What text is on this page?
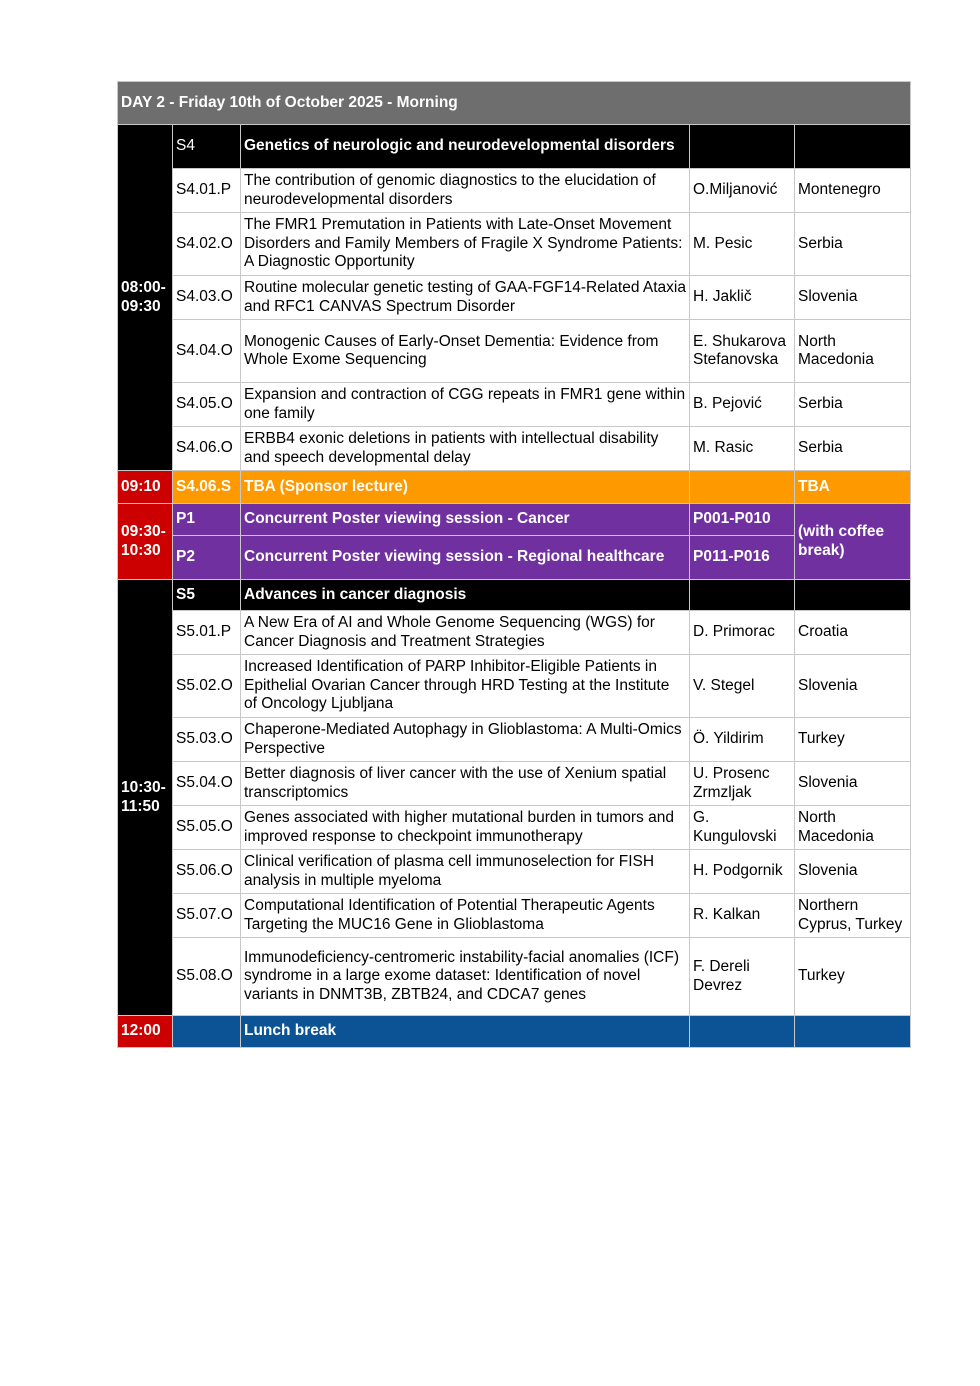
DAY 2 - Friday 10th of October 2025 - Morning				
08:00-09:30	S4	Genetics of neurologic and neurodevelopmental disorders		
	S4.01.P	The contribution of genomic diagnostics to the elucidation of neurodevelopmental disorders	O.Miljanović	Montenegro
	S4.02.O	The FMR1 Premutation in Patients with Late-Onset Movement Disorders and Family Members of Fragile X Syndrome Patients: A Diagnostic Opportunity	M. Pesic	Serbia
	S4.03.O	Routine molecular genetic testing of GAA-FGF14-Related Ataxia and RFC1 CANVAS Spectrum Disorder	H. Jaklič	Slovenia
	S4.04.O	Monogenic Causes of Early-Onset Dementia: Evidence from Whole Exome Sequencing	E. Shukarova Stefanovska	North Macedonia
	S4.05.O	Expansion and contraction of CGG repeats in FMR1 gene within one family	B. Pejović	Serbia
	S4.06.O	ERBB4 exonic deletions in patients with intellectual disability and speech developmental delay	M. Rasic	Serbia
09:10	S4.06.S	TBA (Sponsor lecture)		TBA
09:30-10:30	P1	Concurrent Poster viewing session - Cancer	P001-P010	(with coffee break)
	P2	Concurrent Poster viewing session - Regional healthcare	P011-P016	
10:30-11:50	S5	Advances in cancer diagnosis		
	S5.01.P	A New Era of AI and Whole Genome Sequencing (WGS) for Cancer Diagnosis and Treatment Strategies	D. Primorac	Croatia
	S5.02.O	Increased Identification of PARP Inhibitor-Eligible Patients in Epithelial Ovarian Cancer through HRD Testing at the Institute of Oncology Ljubljana	V. Stegel	Slovenia
	S5.03.O	Chaperone-Mediated Autophagy in Glioblastoma: A Multi-Omics Perspective	Ö. Yildirim	Turkey
	S5.04.O	Better diagnosis of liver cancer with the use of Xenium spatial transcriptomics	U. Prosenc Zrmzljak	Slovenia
	S5.05.O	Genes associated with higher mutational burden in tumors and improved response to checkpoint immunotherapy	G. Kungulovski	North Macedonia
	S5.06.O	Clinical verification of plasma cell immunoselection for FISH analysis in multiple myeloma	H. Podgornik	Slovenia
	S5.07.O	Computational Identification of Potential Therapeutic Agents Targeting the MUC16 Gene in Glioblastoma	R. Kalkan	Northern Cyprus, Turkey
	S5.08.O	Immunodeficiency-centromeric instability-facial anomalies (ICF) syndrome in a large exome dataset: Identification of novel variants in DNMT3B, ZBTB24, and CDCA7 genes	F. Dereli Devrez	Turkey
12:00		Lunch break		
